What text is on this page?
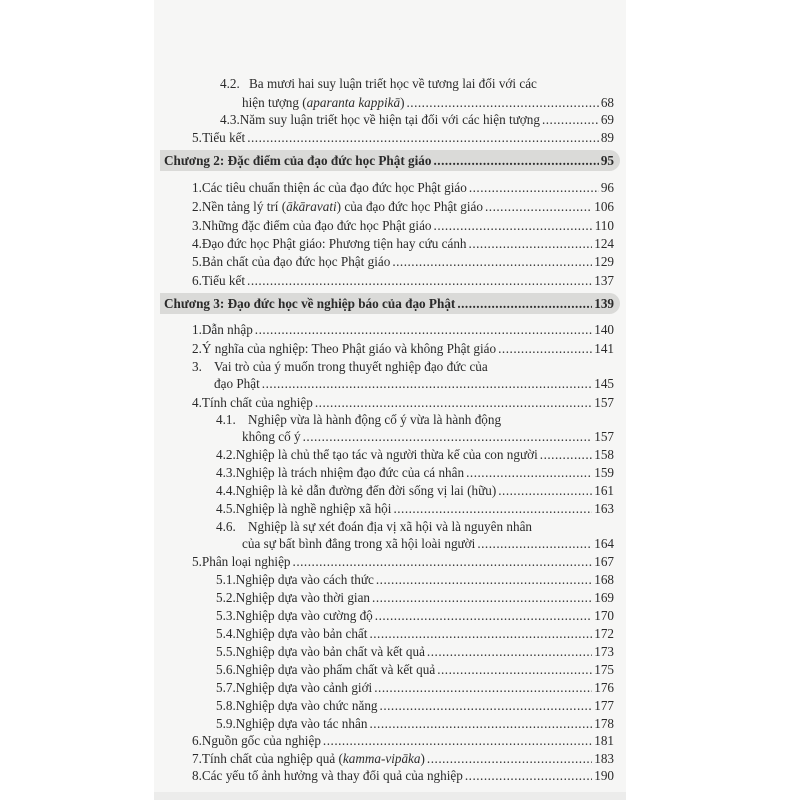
4.2. Ba mươi hai suy luận triết học về tương lai đối với các
hiện tượng (aparanta kappikā) .....	68
4.3. Năm suy luận triết học về hiện tại đối với các hiện tượng .....	69
5. Tiểu kết .....	89
Chương 2: Đặc điểm của đạo đức học Phật giáo .....	95
1. Các tiêu chuẩn thiện ác của đạo đức học Phật giáo .....	96
2. Nền tảng lý trí (ākāravati) của đạo đức học Phật giáo .....	106
3. Những đặc điểm của đạo đức học Phật giáo .....	110
4. Đạo đức học Phật giáo: Phương tiện hay cứu cánh .....	124
5. Bản chất của đạo đức học Phật giáo .....	129
6. Tiểu kết .....	137
Chương 3: Đạo đức học về nghiệp báo của đạo Phật .....	139
1. Dẫn nhập .....	140
2. Ý nghĩa của nghiệp: Theo Phật giáo và không Phật giáo .....	141
3. Vai trò của ý muốn trong thuyết nghiệp đạo đức của
đạo Phật .....	145
4. Tính chất của nghiệp .....	157
4.1. Nghiệp vừa là hành động cố ý vừa là hành động
không cố ý .....	157
4.2. Nghiệp là chủ thể tạo tác và người thừa kế của con người .....	158
4.3. Nghiệp là trách nhiệm đạo đức của cá nhân .....	159
4.4. Nghiệp là kẻ dẫn đường đến đời sống vị lai (hữu) .....	161
4.5. Nghiệp là nghề nghiệp xã hội .....	163
4.6. Nghiệp là sự xét đoán địa vị xã hội và là nguyên nhân
của sự bất bình đẳng trong xã hội loài người .....	164
5. Phân loại nghiệp .....	167
5.1. Nghiệp dựa vào cách thức .....	168
5.2. Nghiệp dựa vào thời gian .....	169
5.3. Nghiệp dựa vào cường độ .....	170
5.4. Nghiệp dựa vào bản chất .....	172
5.5. Nghiệp dựa vào bản chất và kết quả .....	173
5.6. Nghiệp dựa vào phẩm chất và kết quả .....	175
5.7. Nghiệp dựa vào cảnh giới .....	176
5.8. Nghiệp dựa vào chức năng .....	177
5.9. Nghiệp dựa vào tác nhân .....	178
6. Nguồn gốc của nghiệp .....	181
7. Tính chất của nghiệp quả (kamma-vipāka) .....	183
8. Các yếu tố ảnh hưởng và thay đổi quả của nghiệp .....	190
